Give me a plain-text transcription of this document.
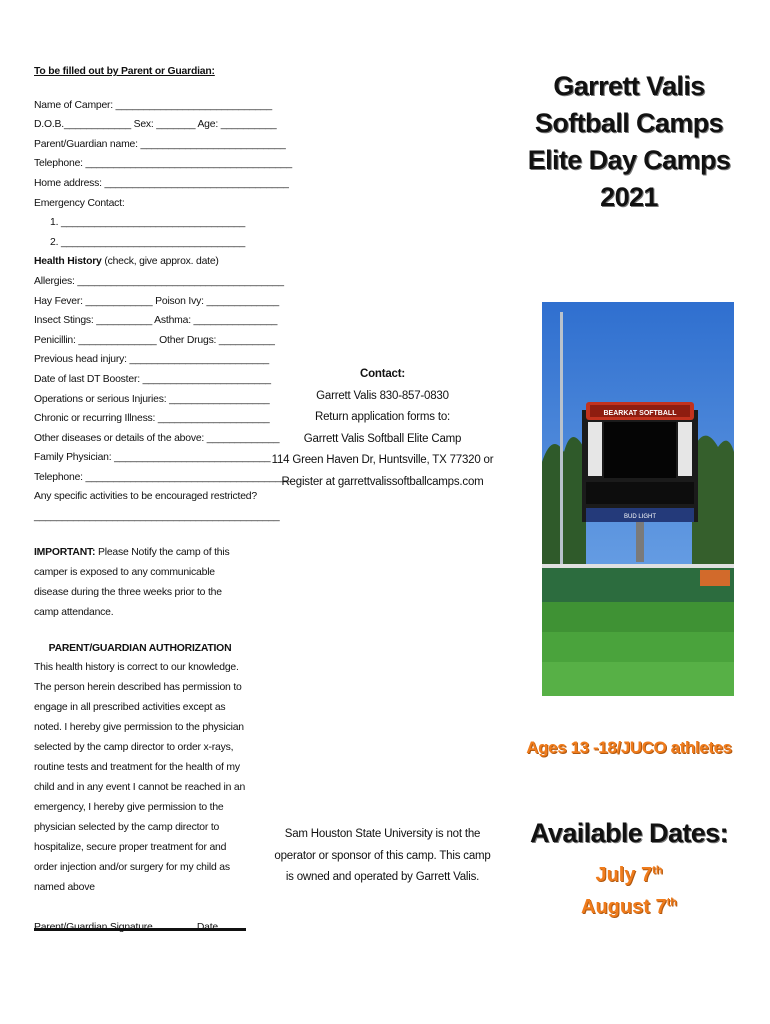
To be filled out by Parent or Guardian:
Name of Camper: ____________________________
D.O.B.____________ Sex: _______ Age: __________
Parent/Guardian name: __________________________
Telephone: _____________________________________
Home address: _________________________________
Emergency Contact:
1. _________________________________
2. _________________________________
Health History (check, give approx. date)
Allergies: _____________________________________
Hay Fever: ____________ Poison Ivy: _____________
Insect Stings: __________ Asthma: _______________
Penicillin: ______________ Other Drugs: __________
Previous head injury: _________________________
Date of last DT Booster: _______________________
Operations or serious Injuries: __________________
Chronic or recurring Illness: ____________________
Other diseases or details of the above: _____________
Family Physician: ____________________________
Telephone: _____________________________________
Any specific activities to be encouraged restricted?
____________________________________________
IMPORTANT: Please Notify the camp of this camper is exposed to any communicable disease during the three weeks prior to the camp attendance.
PARENT/GUARDIAN AUTHORIZATION
This health history is correct to our knowledge. The person herein described has permission to engage in all prescribed activities except as noted. I hereby give permission to the physician selected by the camp director to order x-rays, routine tests and treatment for the health of my child and in any event I cannot be reached in an emergency, I hereby give permission to the physician selected by the camp director to hospitalize, secure proper treatment for and order injection and/or surgery for my child as named above
Contact:
Garrett Valis 830-857-0830
Return application forms to:
Garrett Valis Softball Elite Camp
114 Green Haven Dr, Huntsville, TX 77320 or
Register at garrettvalissoftballcamps.com
Sam Houston State University is not the operator or sponsor of this camp. This camp is owned and operated by Garrett Valis.
Garrett Valis
Softball Camps
Elite Day Camps
2021
BEARKAT SOFTBALL
BUD LIGHT
Ages 13 -18/JUCO athletes
Available Dates:
July 7th
August 7th
